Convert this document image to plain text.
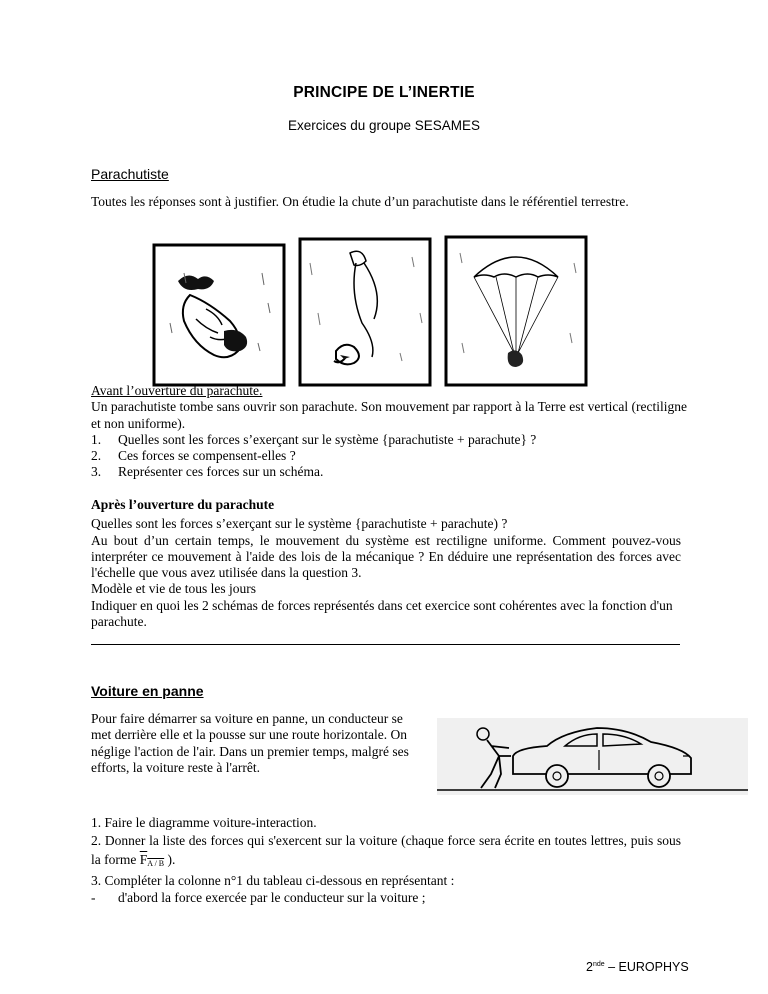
PRINCIPE DE L’INERTIE
Exercices du groupe SESAMES
Parachutiste
Toutes les réponses sont à justifier. On étudie la chute d’un parachutiste dans le référentiel terrestre.
Avant l’ouverture du parachute.
Un parachutiste tombe sans ouvrir son parachute. Son mouvement par rapport à la Terre est vertical (rectiligne et non uniforme).
1. Quelles sont les forces s’exerçant sur le système {parachutiste + parachute} ?
2. Ces forces se compensent-elles ?
3. Représenter ces forces sur un schéma.
Après l’ouverture du parachute
Quelles sont les forces s’exerçant sur le système {parachutiste + parachute) ?
Au bout d’un certain temps, le mouvement du système est rectiligne uniforme. Comment pouvez-vous interpréter ce mouvement à l'aide des lois de la mécanique ? En déduire une représentation des forces avec l'échelle que vous avez utilisée dans la question 3.
Modèle et vie de tous les jours
Indiquer en quoi les 2 schémas de forces représentés dans cet exercice sont cohérentes avec la fonction d'un parachute.
Voiture en panne
Pour faire démarrer sa voiture en panne, un conducteur se met derrière elle et la pousse sur une route horizontale. On néglige l'action de l'air. Dans un premier temps, malgré ses efforts, la voiture reste à l'arrêt.
1. Faire le diagramme voiture-interaction.
2. Donner la liste des forces qui s'exercent sur la voiture (chaque force sera écrite en toutes lettres, puis sous la forme $F_{A / B}$ ).
3. Compléter la colonne n°1 du tableau ci-dessous en représentant :
- d'abord la force exercée par le conducteur sur la voiture ;
2nde – EUROPHYS
